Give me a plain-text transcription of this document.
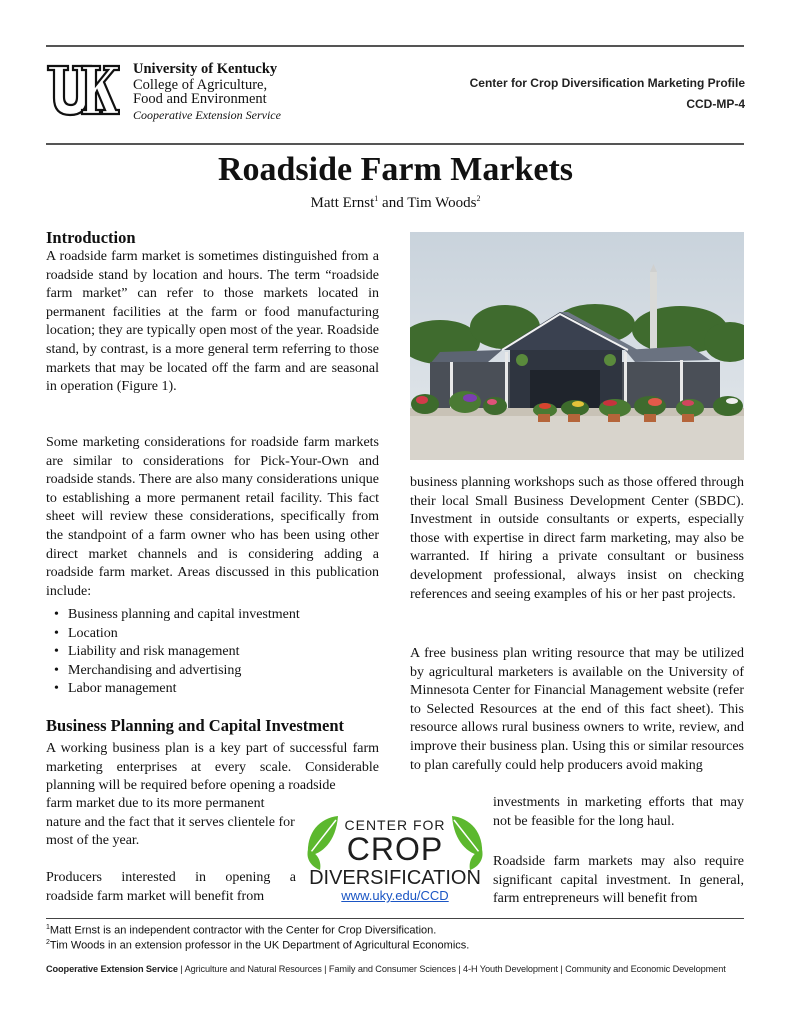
University of Kentucky
College of Agriculture,
Food and Environment
Cooperative Extension Service
Center for Crop Diversification Marketing Profile
CCD-MP-4
Roadside Farm Markets
Matt Ernst$^1$ and Tim Woods$^2$
Introduction
A roadside farm market is sometimes distinguished from a roadside stand by location and hours. The term “roadside farm market” can refer to those markets located in permanent facilities at the farm or food manufacturing location; they are typically open most of the year. Roadside stand, by contrast, is a more general term referring to those markets that may be located off the farm and are seasonal in operation (Figure 1).
Some marketing considerations for roadside farm markets are similar to considerations for Pick-Your-Own and roadside stands. There are also many considerations unique to establishing a more permanent retail facility. This fact sheet will review these considerations, specifically from the standpoint of a farm owner who has been using other direct market channels and is considering adding a roadside farm market. Areas discussed in this publication include:
• Business planning and capital investment
• Location
• Liability and risk management
• Merchandising and advertising
• Labor management
Business Planning and Capital Investment
A working business plan is a key part of successful farm marketing enterprises at every scale. Considerable planning will be required before opening a roadside
farm market due to its more permanent nature and the fact that it serves clientele for most of the year.
Producers interested in opening a
roadside farm market will benefit from
business planning workshops such as those offered through their local Small Business Development Center (SBDC). Investment in outside consultants or experts, especially those with expertise in direct farm marketing, may also be warranted. If hiring a private consultant or business development professional, always insist on checking references and seeing examples of his or her past projects.
A free business plan writing resource that may be utilized by agricultural marketers is available on the University of Minnesota Center for Financial Management website (refer to Selected Resources at the end of this fact sheet). This resource allows rural business owners to write, review, and improve their business plan. Using this or similar resources to plan carefully could help producers avoid making
investments in marketing efforts that may not be feasible for the long haul.
Roadside farm markets may also require significant capital investment. In general, farm entrepreneurs will benefit from
CENTER FOR
CROP
DIVERSIFICATION
www.uky.edu/CCD
$^1$Matt Ernst is an independent contractor with the Center for Crop Diversification.
$^2$Tim Woods in an extension professor in the UK Department of Agricultural Economics.
Cooperative Extension Service | Agriculture and Natural Resources | Family and Consumer Sciences | 4-H Youth Development | Community and Economic Development
